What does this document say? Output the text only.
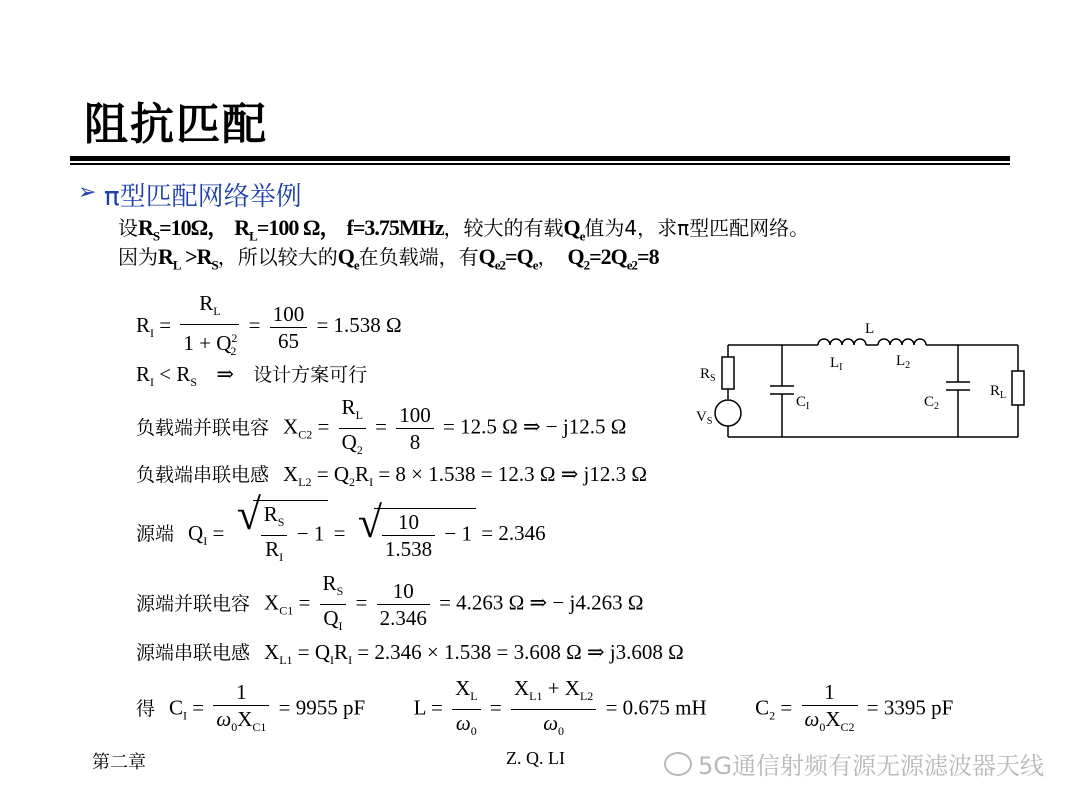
阻抗匹配
➢ π型匹配网络举例
设$R_S=10\Omega$， $R_L=100$ Ω， f=3.75MHz，较大的有载$Q_e$值为4，求π型匹配网络。
因为$R_L >R_S$，所以较大的$Q_e$在负载端，有$Q_{e2}=Q_e$， $Q_2=2Q_{e2}=8$
$R_I = \frac{R_L}{1 + Q^2_2} = \frac{100}{65} = 1.538$ Ω
$R_I < R_S$ ⇒ 设计方案可行
负载端并联电容 $X_{C2} = \frac{R_L}{Q_2} = \frac{100}{8} = 12.5$ Ω ⇒ − j12.5 Ω
负载端串联电感 $X_{L2} = Q_2R_I = 8 \times 1.538 = 12.3$ Ω ⇒ j12.3 Ω
源端 $Q_I$ = √ $\frac{R_S}{R_I} - 1$ = √ $\frac{10}{1.538} - 1 = 2.346$
源端并联电容 $X_{C1} = \frac{R_S}{Q_I} = \frac{10}{2.346} = 4.263$ Ω ⇒ − j4.263 Ω
源端串联电感 $X_{L1} = Q_IR_I = 2.346 \times 1.538 = 3.608$ Ω ⇒ j3.608 Ω
得 $C_I = \frac{1}{\omega_0X_{C1}} = 9955$ pF $L = \frac{X_L}{\omega_0} = \frac{X_{L1} + X_{L2}}{\omega_0} = 0.675$ mH $C_2 = \frac{1}{\omega_0X_{C2}} = 3395$ pF
$R_S$
$V_S$
$C_I$
L
$L_I$	$L_2$
$C_2$
$R_L$
第二章	Z. Q. LI	5G通信射频有源无源滤波器天线
